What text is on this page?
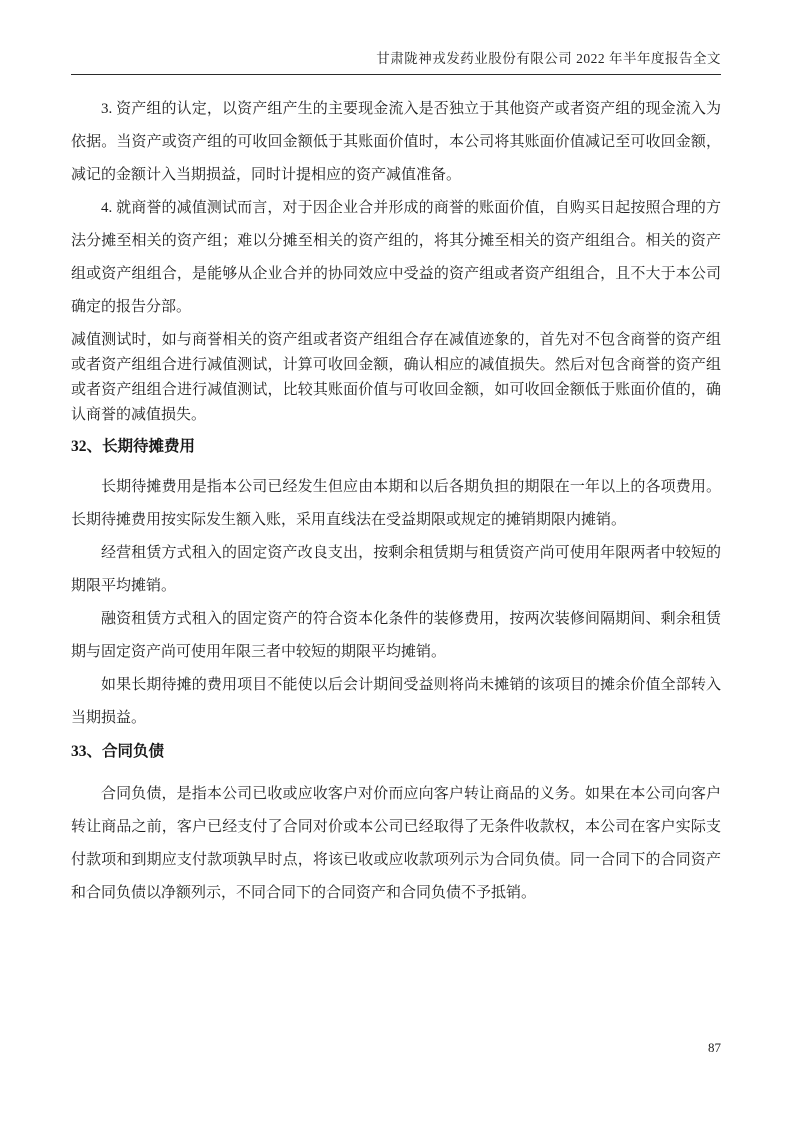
甘肃陇神戎发药业股份有限公司 2022 年半年度报告全文

3. 资产组的认定，以资产组产生的主要现金流入是否独立于其他资产或者资产组的现金流入为依据。当资产或资产组的可收回金额低于其账面价值时，本公司将其账面价值减记至可收回金额，减记的金额计入当期损益，同时计提相应的资产减值准备。

4. 就商誉的减值测试而言，对于因企业合并形成的商誉的账面价值，自购买日起按照合理的方法分摊至相关的资产组；难以分摊至相关的资产组的，将其分摊至相关的资产组组合。相关的资产组或资产组组合，是能够从企业合并的协同效应中受益的资产组或者资产组组合，且不大于本公司确定的报告分部。

减值测试时，如与商誉相关的资产组或者资产组组合存在减值迹象的，首先对不包含商誉的资产组或者资产组组合进行减值测试，计算可收回金额，确认相应的减值损失。然后对包含商誉的资产组或者资产组组合进行减值测试，比较其账面价值与可收回金额，如可收回金额低于账面价值的，确认商誉的减值损失。

32、长期待摊费用

长期待摊费用是指本公司已经发生但应由本期和以后各期负担的期限在一年以上的各项费用。长期待摊费用按实际发生额入账，采用直线法在受益期限或规定的摊销期限内摊销。

经营租赁方式租入的固定资产改良支出，按剩余租赁期与租赁资产尚可使用年限两者中较短的期限平均摊销。

融资租赁方式租入的固定资产的符合资本化条件的装修费用，按两次装修间隔期间、剩余租赁期与固定资产尚可使用年限三者中较短的期限平均摊销。

如果长期待摊的费用项目不能使以后会计期间受益则将尚未摊销的该项目的摊余价值全部转入当期损益。

33、合同负债

合同负债，是指本公司已收或应收客户对价而应向客户转让商品的义务。如果在本公司向客户转让商品之前，客户已经支付了合同对价或本公司已经取得了无条件收款权，本公司在客户实际支付款项和到期应支付款项孰早时点，将该已收或应收款项列示为合同负债。同一合同下的合同资产和合同负债以净额列示，不同合同下的合同资产和合同负债不予抵销。

87
